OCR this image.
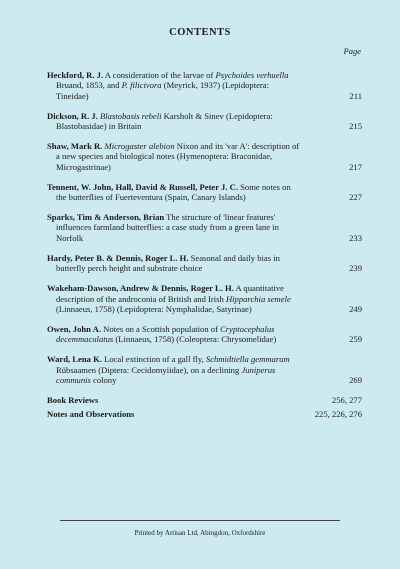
CONTENTS
Page
Heckford, R. J. A consideration of the larvae of Psychoides verhuella
Bruand, 1853, and P. filicivora (Meyrick, 1937) (Lepidoptera:
Tineidae)	211
Dickson, R. J. Blastobasis rebeli Karsholt & Sinev (Lepidoptera:
Blastobasidae) in Britain	215
Shaw, Mark R. Microgaster alebion Nixon and its 'var A': description of
a new species and biological notes (Hymenoptera: Braconidae,
Microgastrinae)	217
Tennent, W. John, Hall, David & Russell, Peter J. C. Some notes on
the butterflies of Fuerteventura (Spain, Canary Islands)	227
Sparks, Tim & Anderson, Brian The structure of 'linear features'
influences farmland butterflies: a case study from a green lane in
Norfolk	233
Hardy, Peter B. & Dennis, Roger L. H. Seasonal and daily bias in
butterfly perch height and substrate choice	239
Wakeham-Dawson, Andrew & Dennis, Roger L. H. A quantitative
description of the androconia of British and Irish Hipparchia semele
(Linnaeus, 1758) (Lepidoptera: Nymphalidae, Satyrinae)	249
Owen, John A. Notes on a Scottish population of Cryptocephalus
decemmaculatus (Linnaeus, 1758) (Coleoptera: Chrysomelidae)	259
Ward, Lena K. Local extinction of a gall fly, Schmidtiella gemmarum
Rübsaamen (Diptera: Cecidomyiidae), on a declining Juniperus
communis colony	269
Book Reviews	256, 277
Notes and Observations	225, 226, 276
Printed by Artisan Ltd, Abingdon, Oxfordshire
